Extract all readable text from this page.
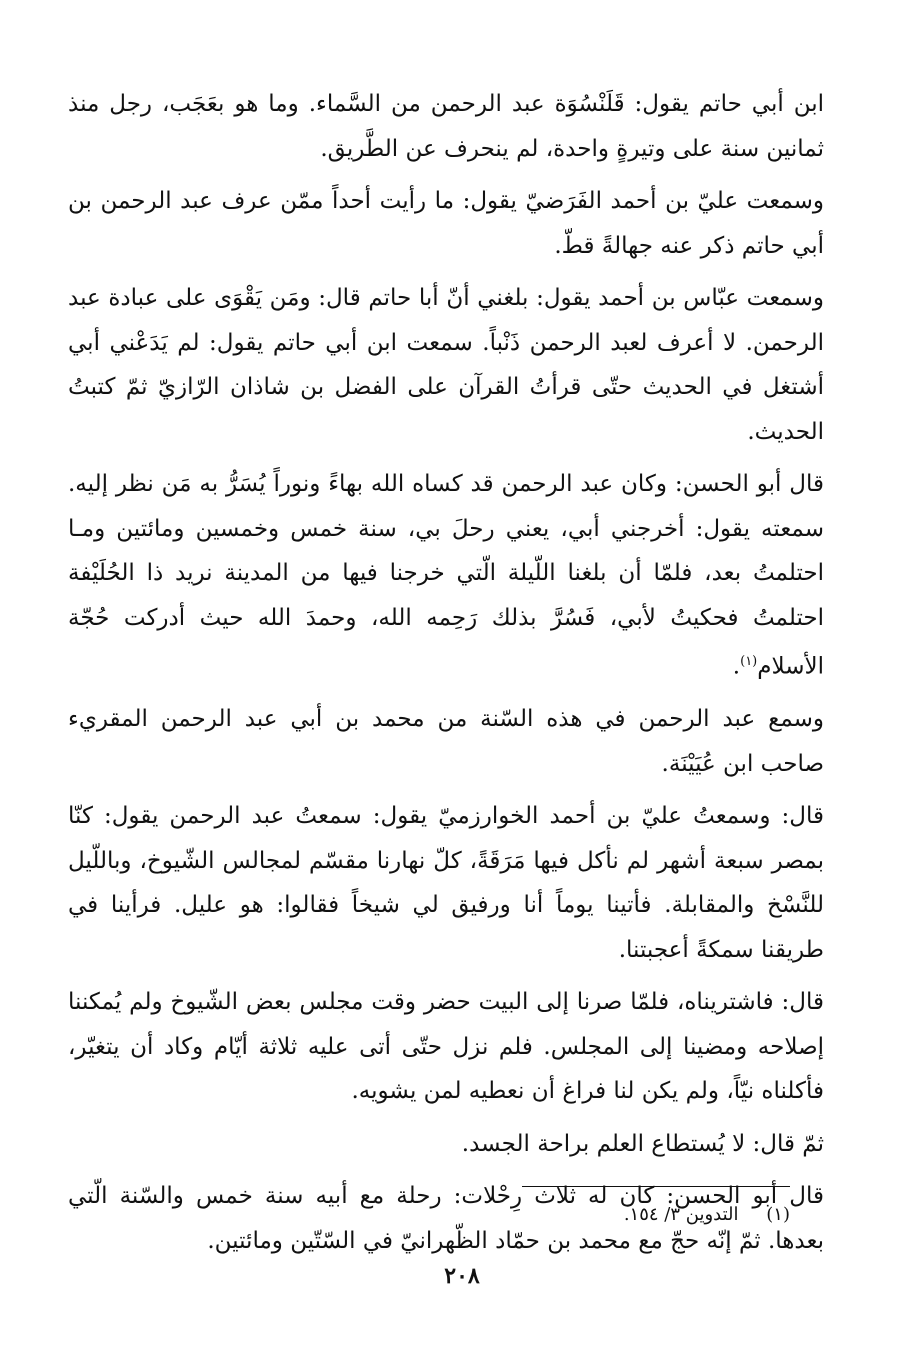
ابن أبي حاتم يقول: قَلَنْسُوَة عبد الرحمن من السَّماء. وما هو بعَجَب، رجل منذ ثمانين سنة على وتيرةٍ واحدة، لم ينحرف عن الطَّريق.

وسمعت عليّ بن أحمد الفَرَضيّ يقول: ما رأيت أحداً ممّن عرف عبد الرحمن بن أبي حاتم ذكر عنه جهالةً قطّ.

وسمعت عبّاس بن أحمد يقول: بلغني أنّ أبا حاتم قال: ومَن يَقْوَى على عبادة عبد الرحمن. لا أعرف لعبد الرحمن ذَنْباً. سمعت ابن أبي حاتم يقول: لم يَدَعْني أبي أشتغل في الحديث حتّى قرأتُ القرآن على الفضل بن شاذان الرّازيّ ثمّ كتبتُ الحديث.

قال أبو الحسن: وكان عبد الرحمن قد كساه الله بهاءً ونوراً يُسَرُّ به مَن نظر إليه. سمعته يقول: أخرجني أبي، يعني رحلَ بي، سنة خمس وخمسين ومائتين ومـا احتلمتُ بعد، فلمّا أن بلغنا اللّيلة الّتي خرجنا فيها من المدينة نريد ذا الحُلَيْفة احتلمتُ فحكيتُ لأبي، فَسُرَّ بذلك رَحِمه الله، وحمدَ الله حيث أدركت حُجّة الأسلام$^{(١)}$.

وسمع عبد الرحمن في هذه السّنة من محمد بن أبي عبد الرحمن المقريء صاحب ابن عُيَيْنَة.

قال: وسمعتُ عليّ بن أحمد الخوارزميّ يقول: سمعتُ عبد الرحمن يقول: كنّا بمصر سبعة أشهر لم نأكل فيها مَرَقَةً، كلّ نهارنا مقسّم لمجالس الشّيوخ، وباللّيل للنَّسْخ والمقابلة. فأتينا يوماً أنا ورفيق لي شيخاً فقالوا: هو عليل. فرأينا في طريقنا سمكةً أعجبتنا.

قال: فاشتريناه، فلمّا صرنا إلى البيت حضر وقت مجلس بعض الشّيوخ ولم يُمكننا إصلاحه ومضينا إلى المجلس. فلم نزل حتّى أتى عليه ثلاثة أيّام وكاد أن يتغيّر، فأكلناه نيّاً، ولم يكن لنا فراغ أن نعطيه لمن يشويه.

ثمّ قال: لا يُستطاع العلم براحة الجسد.

قال أبو الحسن: كان له ثلاث رِحْلات: رحلة مع أبيه سنة خمس والسّنة الّتي بعدها. ثمّ إنّه حجّ مع محمد بن حمّاد الظّهرانيّ في السّتّين ومائتين.

(١) التدوين ٣/ ١٥٤.
٢٠٨
